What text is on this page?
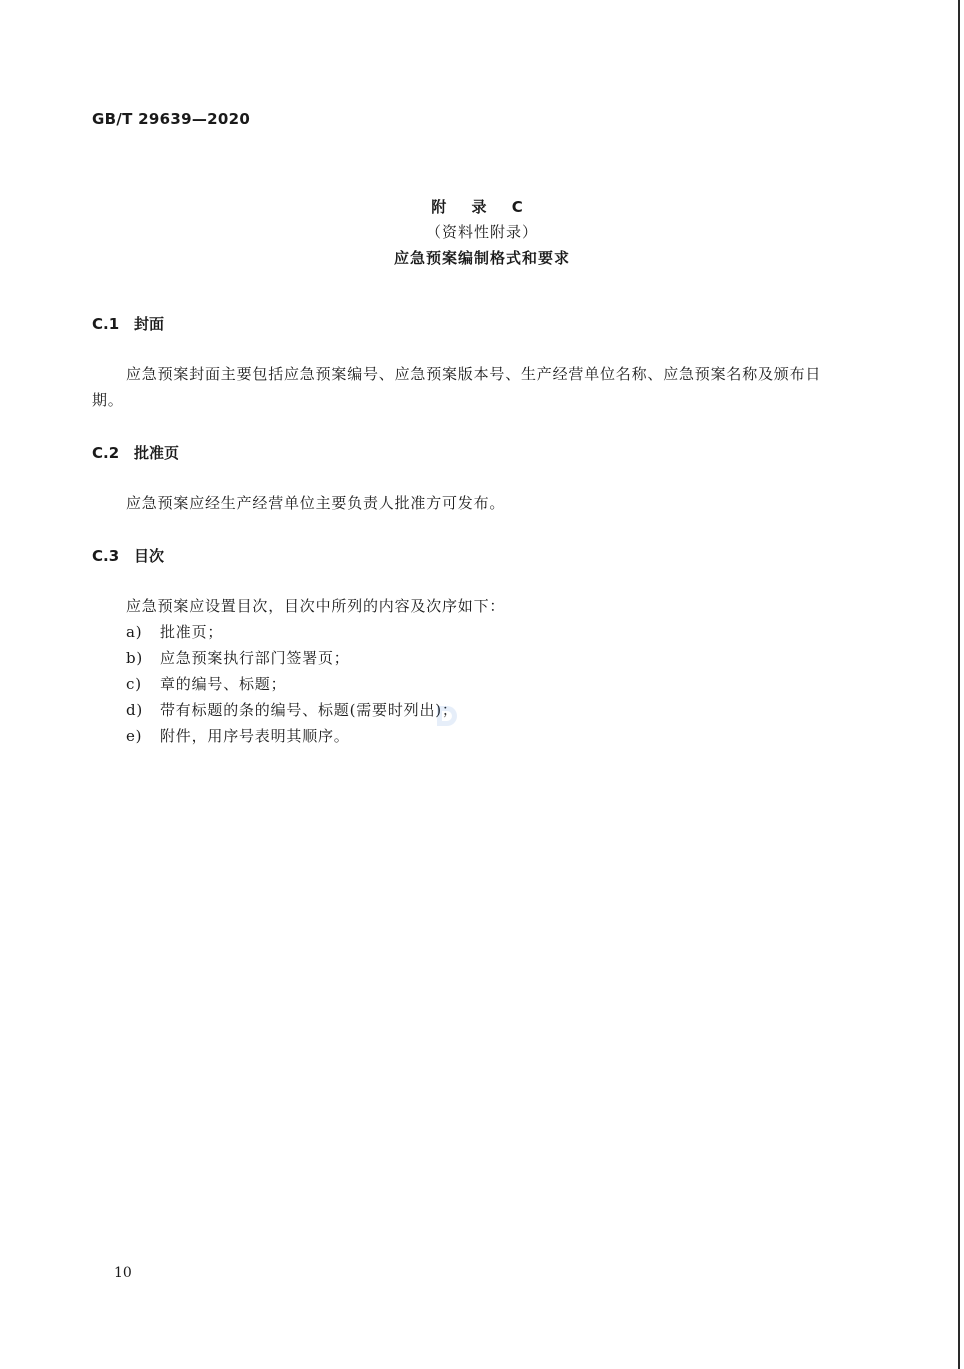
GB/T 29639—2020
附 录 C
（资料性附录）
应急预案编制格式和要求
C.1 封面
应急预案封面主要包括应急预案编号、应急预案版本号、生产经营单位名称、应急预案名称及颁布日期。
C.2 批准页
应急预案应经生产经营单位主要负责人批准方可发布。
C.3 目次
应急预案应设置目次，目次中所列的内容及次序如下：
a)	批准页；
b)	应急预案执行部门签署页；
c)	章的编号、标题；
d)	带有标题的条的编号、标题(需要时列出)；
e)	附件，用序号表明其顺序。
10
